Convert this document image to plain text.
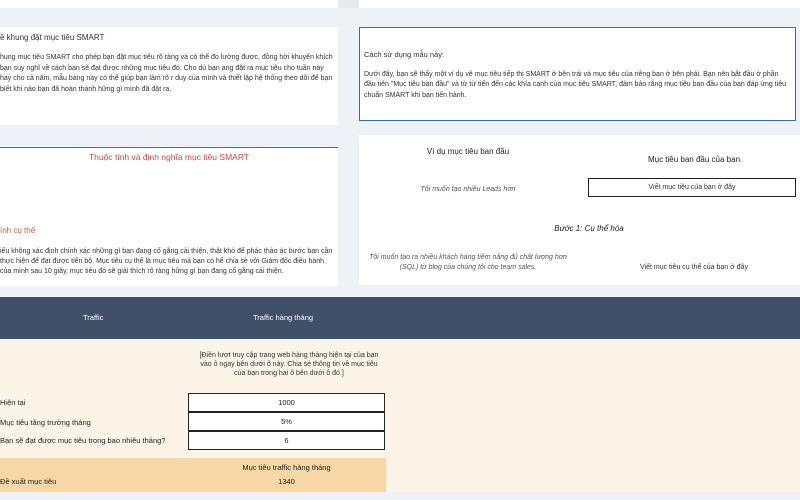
ề khung đặt mục tiêu SMART
hung mục tiêu SMART cho phép bạn đặt mục tiêu rõ ràng và có thể đo lường được, đồng hời khuyến khích bạn suy nghĩ về cách bạn sẽ đạt được những mục tiêu đó. Cho dù bạn ang đặt ra mục tiêu cho tuần này hay cho cả năm, mẫu bảng này có thể giúp bạn làm rõ r duy của mình và thiết lập hệ thống theo dõi để bạn biết khi nào bạn đã hoàn thành hững gì mình đã đặt ra.
Cách sử dụng mẫu này:
Dưới đây, bạn sẽ thấy một ví dụ về mục tiêu tiếp thị SMART ở bên trái và mục tiêu của riêng bạn ở bên phải. Bạn nên bắt đầu ở phần đầu tiên "Mục tiêu ban đầu" và từ từ tiến đến các khía cạnh của mục tiêu SMART, đảm bảo rằng mục tiêu ban đầu của bạn đáp ứng tiêu chuẩn SMART khi bạn tiến hành.
Thuộc tính và định nghĩa mục tiêu SMART
ính cụ thể
iếu không xác định chính xác những gì bạn đang cố gắng cải thiện, thật khó để phác thảo ác bước bạn cần thực hiện để đạt được tiến bộ. Mục tiêu cụ thể là mục tiêu mà bạn có hể chia sẻ với Giám đốc điều hành của mình sau 10 giây, mục tiêu đó sẽ giải thích rõ ràng hững gì bạn đang cố gắng cải thiện.
Ví dụ mục tiêu ban đầu
Mục tiêu ban đầu của bạn
Tôi muốn tạo nhiều Leads hơn	Viết mục tiêu của bạn ở đây
Bước 1: Cụ thể hóa
Tôi muốn tạo ra nhiều khách hàng tiềm năng đủ chất lượng hơn (SQL) từ blog của chúng tôi cho team sales.	Viết mục tiêu cụ thể của bạn ở đây
Traffic	Traffic hàng tháng
[Điền lượt truy cập trang web hàng tháng hiện tại của bạn vào ô ngay bên dưới ô này. Chia sẻ thông tin về mục tiêu của bạn trong hai ô bên dưới ô đó.]
Hiện tại	1000
Mục tiêu tăng trưởng tháng	5%
Bạn sẽ đạt được mục tiêu trong bao nhiêu tháng?	6
Mục tiêu traffic hàng tháng
Đề xuất mục tiêu	1340
